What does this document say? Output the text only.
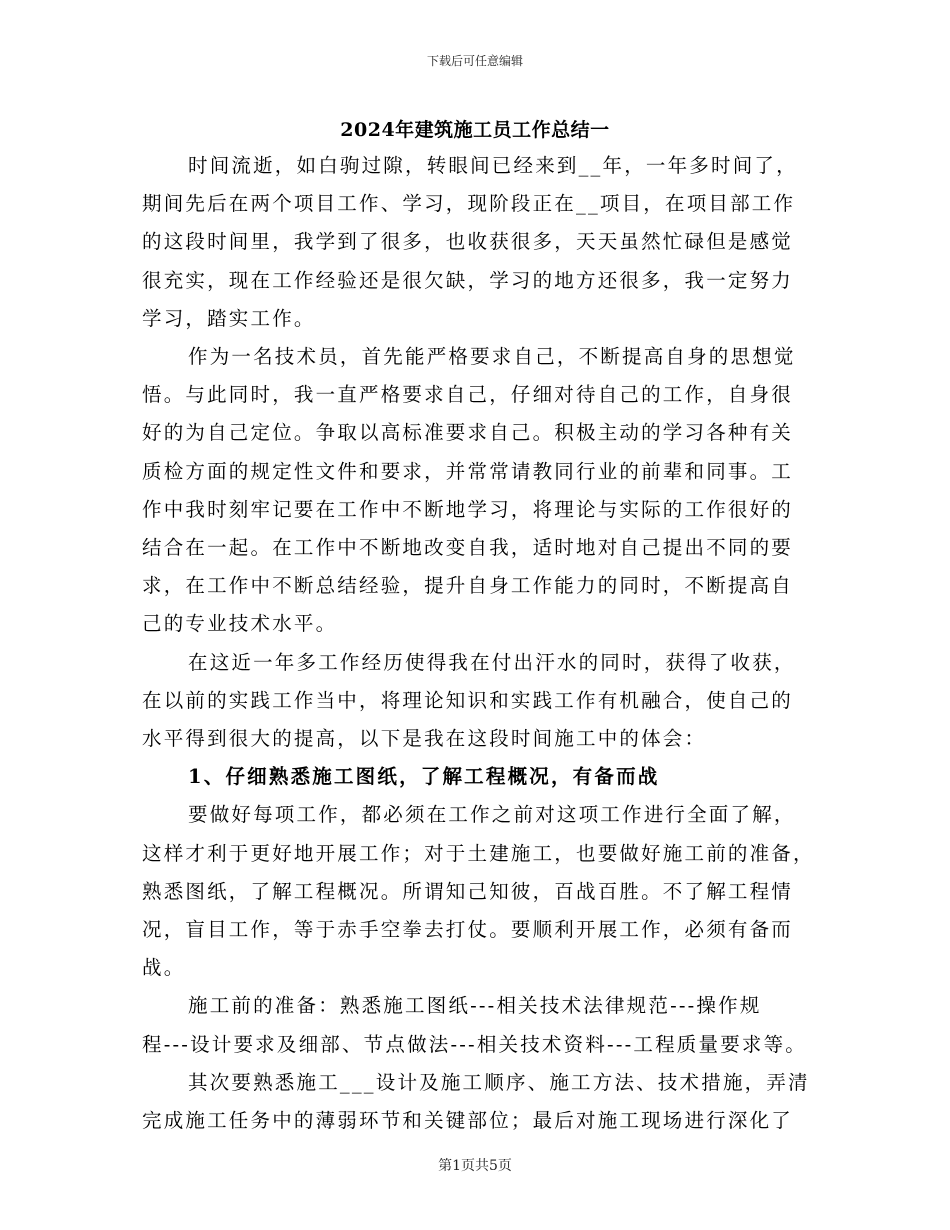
下载后可任意编辑
2024年建筑施工员工作总结一
时间流逝，如白驹过隙，转眼间已经来到__年，一年多时间了，
期间先后在两个项目工作、学习，现阶段正在__项目，在项目部工作
的这段时间里，我学到了很多，也收获很多，天天虽然忙碌但是感觉
很充实，现在工作经验还是很欠缺，学习的地方还很多，我一定努力
学习，踏实工作。
作为一名技术员，首先能严格要求自己，不断提高自身的思想觉
悟。与此同时，我一直严格要求自己，仔细对待自己的工作，自身很
好的为自己定位。争取以高标准要求自己。积极主动的学习各种有关
质检方面的规定性文件和要求，并常常请教同行业的前辈和同事。工
作中我时刻牢记要在工作中不断地学习，将理论与实际的工作很好的
结合在一起。在工作中不断地改变自我，适时地对自己提出不同的要
求，在工作中不断总结经验，提升自身工作能力的同时，不断提高自
己的专业技术水平。
在这近一年多工作经历使得我在付出汗水的同时，获得了收获，
在以前的实践工作当中，将理论知识和实践工作有机融合，使自己的
水平得到很大的提高，以下是我在这段时间施工中的体会：
1、仔细熟悉施工图纸，了解工程概况，有备而战
要做好每项工作，都必须在工作之前对这项工作进行全面了解，
这样才利于更好地开展工作；对于土建施工，也要做好施工前的准备，
熟悉图纸，了解工程概况。所谓知己知彼，百战百胜。不了解工程情
况，盲目工作，等于赤手空拳去打仗。要顺利开展工作，必须有备而
战。
施工前的准备：熟悉施工图纸---相关技术法律规范---操作规
程---设计要求及细部、节点做法---相关技术资料---工程质量要求等。
其次要熟悉施工___设计及施工顺序、施工方法、技术措施，弄清
完成施工任务中的薄弱环节和关键部位；最后对施工现场进行深化了
第1页共5页
